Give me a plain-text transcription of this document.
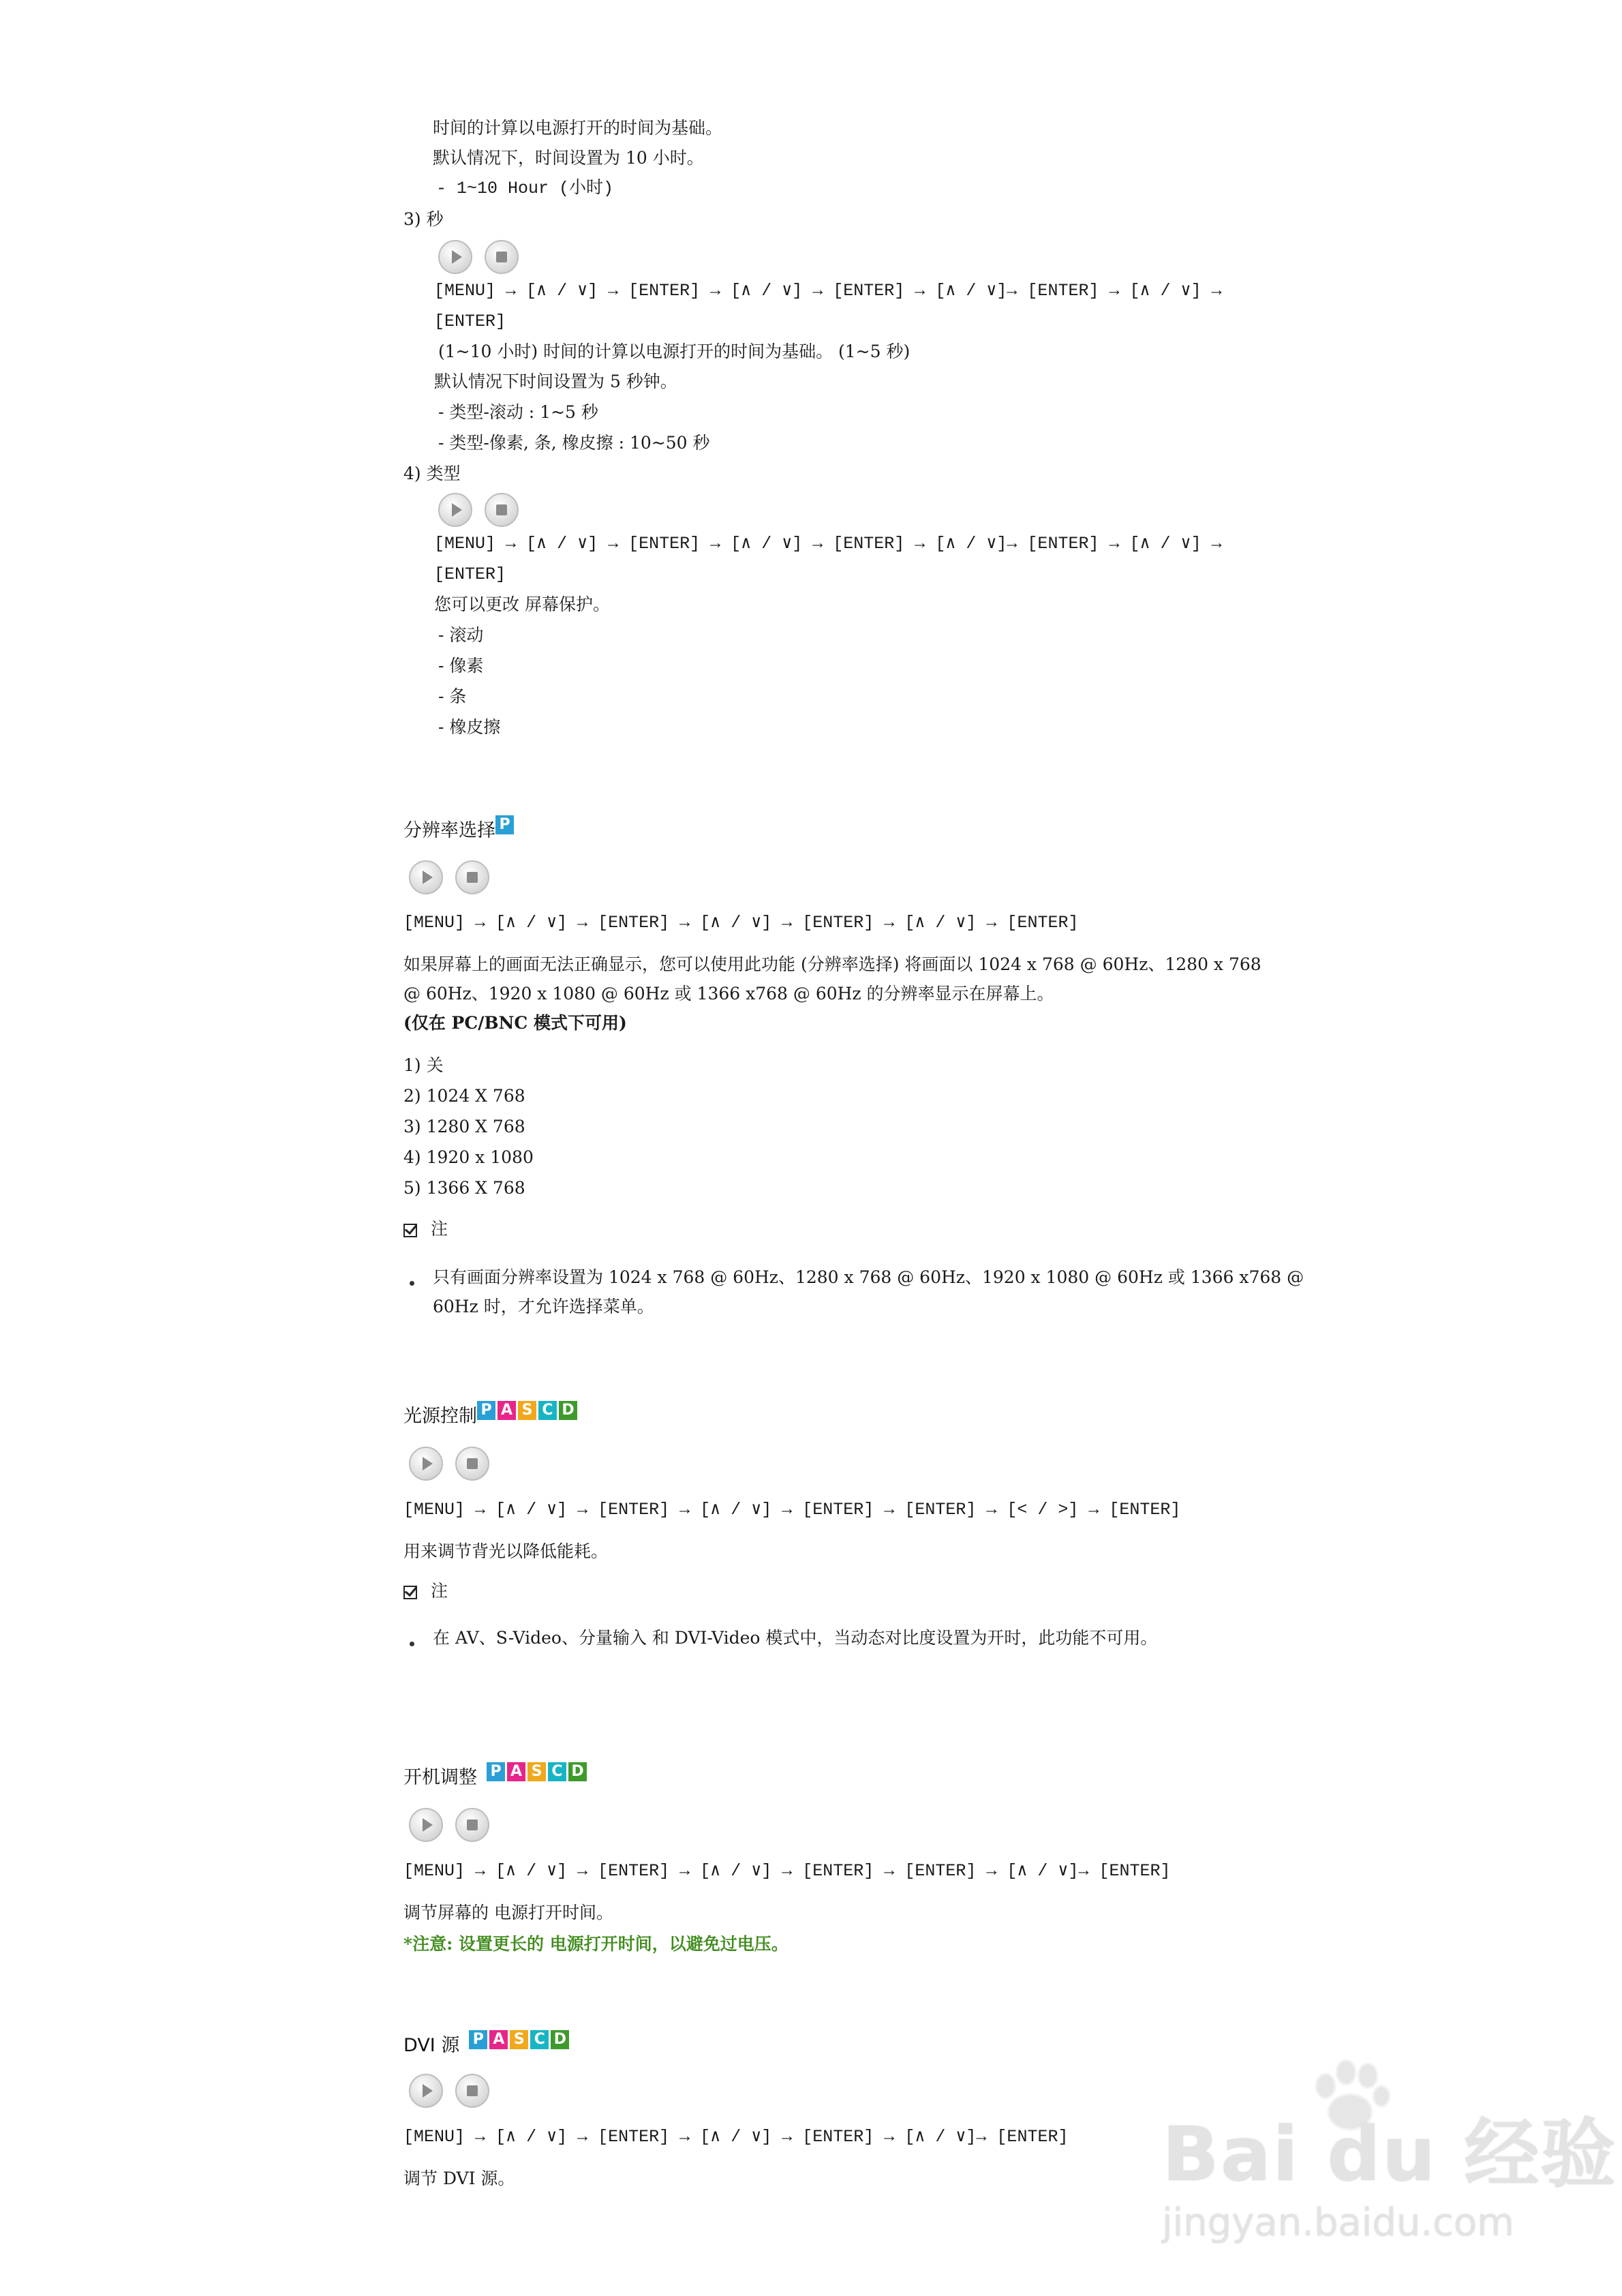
时间的计算以电源打开的时间为基础。
默认情况下，时间设置为 10 小时。
- 1~10 Hour (小时)
3) 秒
[MENU] → [∧ / ∨] → [ENTER] → [∧ / ∨] → [ENTER] → [∧ / ∨]→ [ENTER] → [∧ / ∨] →
[ENTER]
(1~10 小时) 时间的计算以电源打开的时间为基础。 (1~5 秒)
默认情况下时间设置为 5 秒钟。
- 类型-滚动 : 1~5 秒
- 类型-像素, 条, 橡皮擦 : 10~50 秒
4) 类型
[MENU] → [∧ / ∨] → [ENTER] → [∧ / ∨] → [ENTER] → [∧ / ∨]→ [ENTER] → [∧ / ∨] →
[ENTER]
您可以更改 屏幕保护。
- 滚动
- 像素
- 条
- 橡皮擦
分辨率选择 P
[MENU] → [∧ / ∨] → [ENTER] → [∧ / ∨] → [ENTER] → [∧ / ∨] → [ENTER]
如果屏幕上的画面无法正确显示，您可以使用此功能 (分辨率选择) 将画面以 1024 x 768 @ 60Hz、1280 x 768
@ 60Hz、1920 x 1080 @ 60Hz 或 1366 x768 @ 60Hz 的分辨率显示在屏幕上。
(仅在 PC/BNC 模式下可用)
1) 关
2) 1024 X 768
3) 1280 X 768
4) 1920 x 1080
5) 1366 X 768
注
只有画面分辨率设置为 1024 x 768 @ 60Hz、1280 x 768 @ 60Hz、1920 x 1080 @ 60Hz 或 1366 x768 @
60Hz 时，才允许选择菜单。
光源控制 P A S C D
[MENU] → [∧ / ∨] → [ENTER] → [∧ / ∨] → [ENTER] → [ENTER] → [< / >] → [ENTER]
用来调节背光以降低能耗。
注
在 AV、S-Video、分量输入 和 DVI-Video 模式中，当动态对比度设置为开时，此功能不可用。
开机调整 P A S C D
[MENU] → [∧ / ∨] → [ENTER] → [∧ / ∨] → [ENTER] → [ENTER] → [∧ / ∨]→ [ENTER]
调节屏幕的 电源打开时间。
*注意: 设置更长的 电源打开时间，以避免过电压。
DVI 源 P A S C D
[MENU] → [∧ / ∨] → [ENTER] → [∧ / ∨] → [ENTER] → [∧ / ∨]→ [ENTER]
调节 DVI 源。	Bai du 经验
jingyan.baidu.com
